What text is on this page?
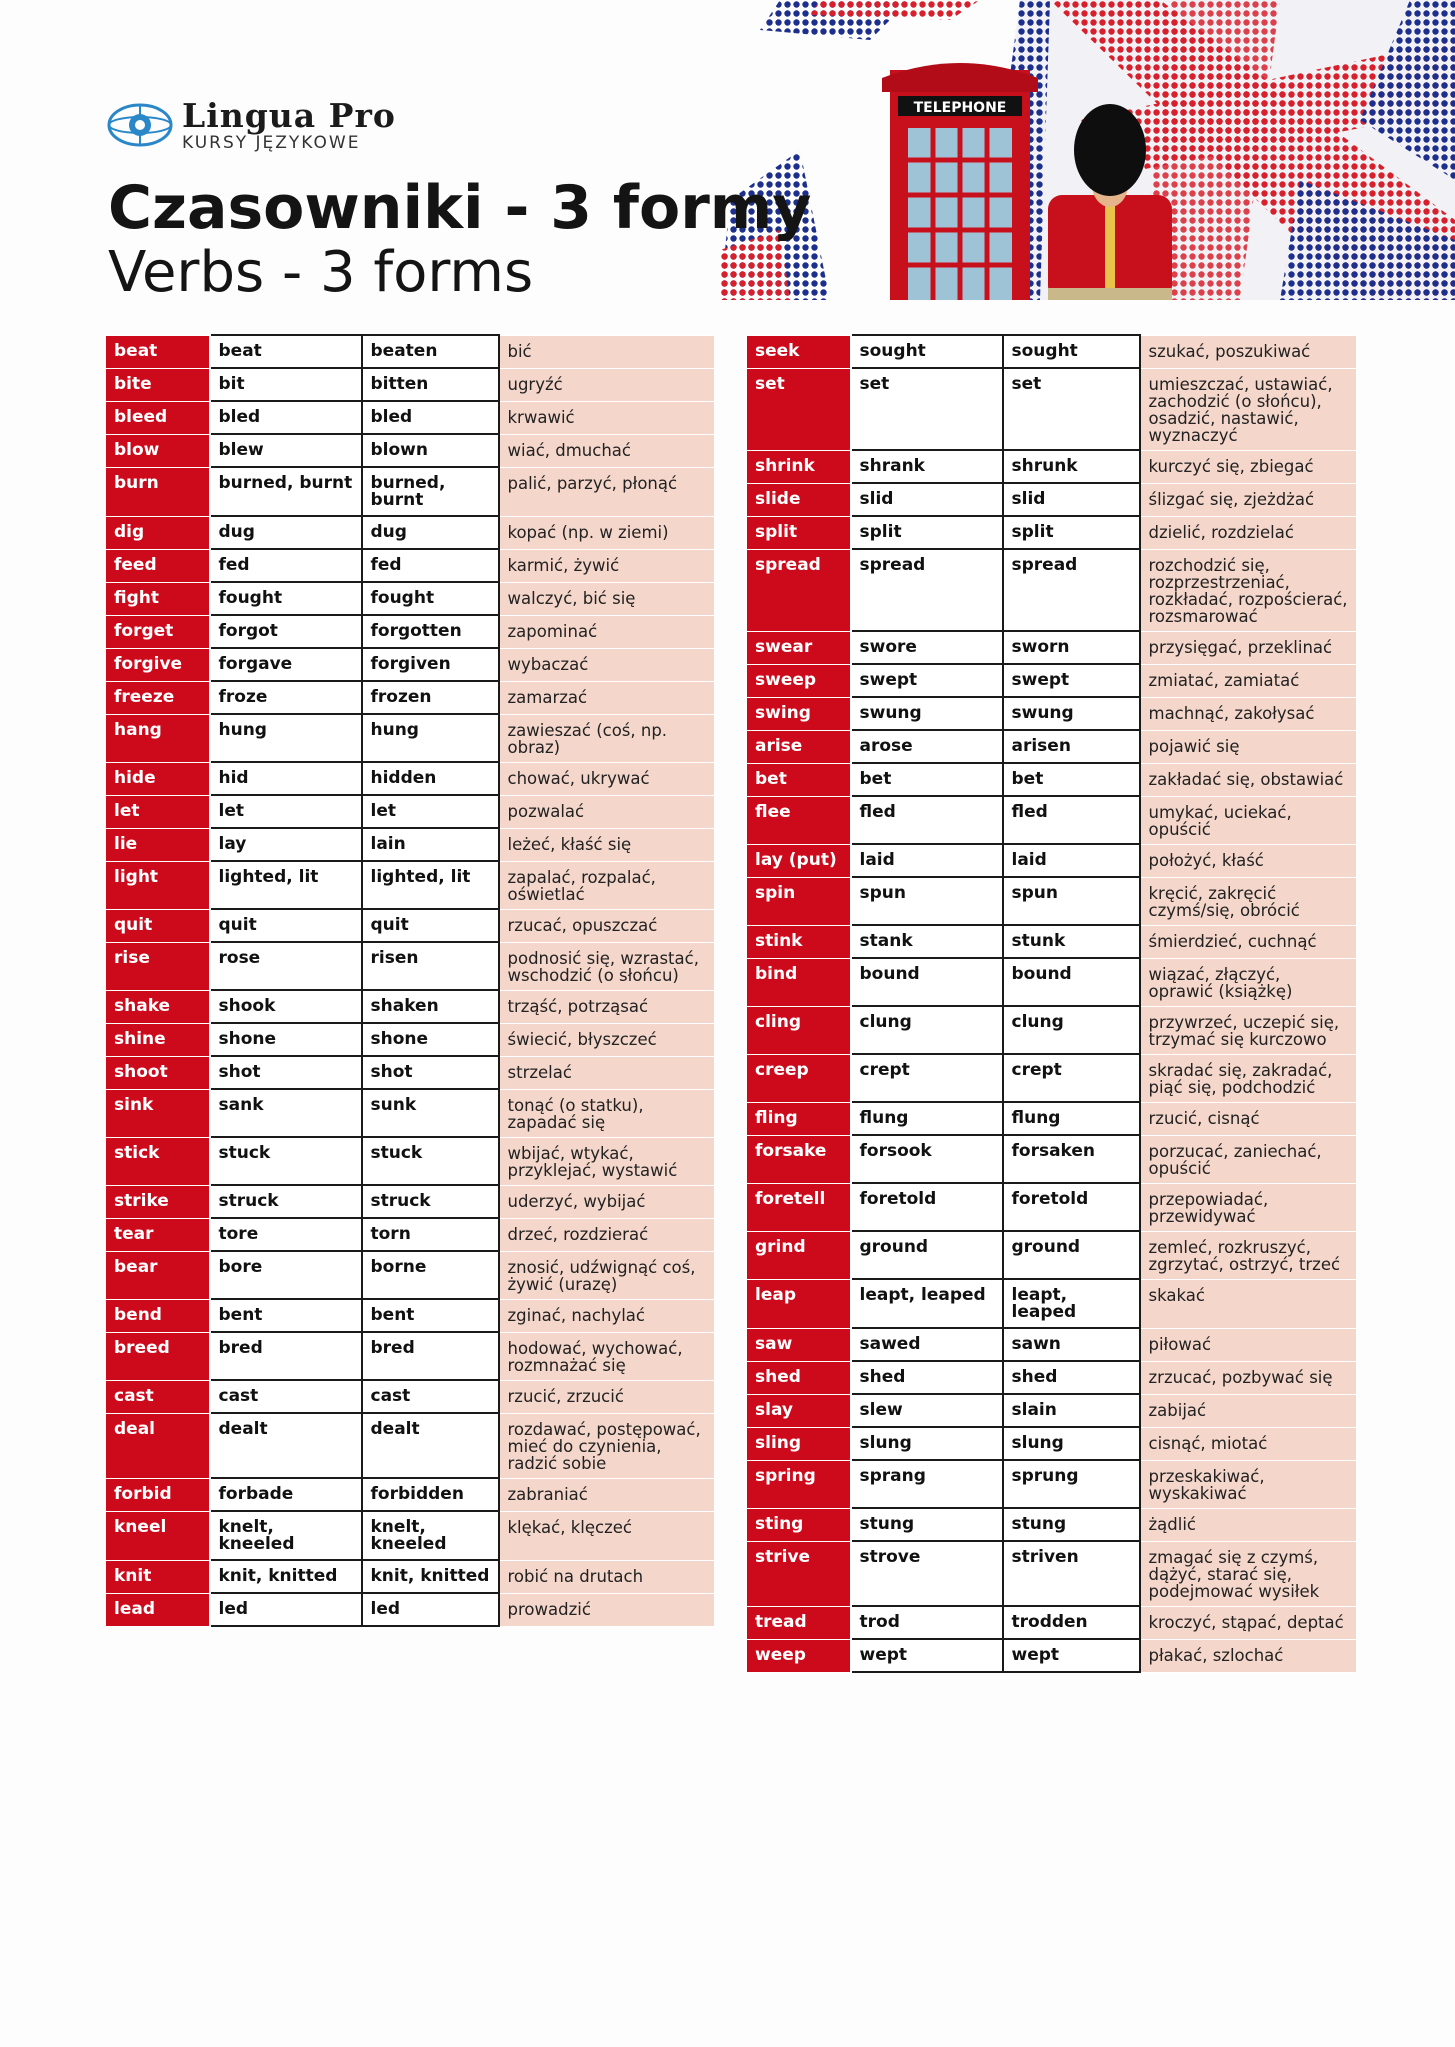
TELEPHONE
Lingua Pro
KURSY JĘZYKOWE
Czasowniki - 3 formy
Verbs - 3 forms
beat	beat	beaten	bić
bite	bit	bitten	ugryźć
bleed	bled	bled	krwawić
blow	blew	blown	wiać, dmuchać
burn	burned, burnt	burned, burnt	palić, parzyć, płonąć
dig	dug	dug	kopać (np. w ziemi)
feed	fed	fed	karmić, żywić
fight	fought	fought	walczyć, bić się
forget	forgot	forgotten	zapominać
forgive	forgave	forgiven	wybaczać
freeze	froze	frozen	zamarzać
hang	hung	hung	zawieszać (coś, np. obraz)
hide	hid	hidden	chować, ukrywać
let	let	let	pozwalać
lie	lay	lain	leżeć, kłaść się
light	lighted, lit	lighted, lit	zapalać, rozpalać, oświetlać
quit	quit	quit	rzucać, opuszczać
rise	rose	risen	podnosić się, wzrastać, wschodzić (o słońcu)
shake	shook	shaken	trząść, potrząsać
shine	shone	shone	świecić, błyszczeć
shoot	shot	shot	strzelać
sink	sank	sunk	tonąć (o statku), zapadać się
stick	stuck	stuck	wbijać, wtykać, przyklejać, wystawić
strike	struck	struck	uderzyć, wybijać
tear	tore	torn	drzeć, rozdzierać
bear	bore	borne	znosić, udźwignąć coś, żywić (urazę)
bend	bent	bent	zginać, nachylać
breed	bred	bred	hodować, wychować, rozmnażać się
cast	cast	cast	rzucić, zrzucić
deal	dealt	dealt	rozdawać, postępować, mieć do czynienia, radzić sobie
forbid	forbade	forbidden	zabraniać
kneel	knelt, kneeled	knelt, kneeled	klękać, klęczeć
knit	knit, knitted	knit, knitted	robić na drutach
lead	led	led	prowadzić
seek	sought	sought	szukać, poszukiwać
set	set	set	umieszczać, ustawiać, zachodzić (o słońcu), osadzić, nastawić, wyznaczyć
shrink	shrank	shrunk	kurczyć się, zbiegać
slide	slid	slid	ślizgać się, zjeżdżać
split	split	split	dzielić, rozdzielać
spread	spread	spread	rozchodzić się, rozprzestrzeniać, rozkładać, rozpościerać, rozsmarować
swear	swore	sworn	przysięgać, przeklinać
sweep	swept	swept	zmiatać, zamiatać
swing	swung	swung	machnąć, zakołysać
arise	arose	arisen	pojawić się
bet	bet	bet	zakładać się, obstawiać
flee	fled	fled	umykać, uciekać, opuścić
lay (put)	laid	laid	położyć, kłaść
spin	spun	spun	kręcić, zakręcić czymś/się, obrócić
stink	stank	stunk	śmierdzieć, cuchnąć
bind	bound	bound	wiązać, złączyć, oprawić (książkę)
cling	clung	clung	przywrzeć, uczepić się, trzymać się kurczowo
creep	crept	crept	skradać się, zakradać, piąć się, podchodzić
fling	flung	flung	rzucić, cisnąć
forsake	forsook	forsaken	porzucać, zaniechać, opuścić
foretell	foretold	foretold	przepowiadać, przewidywać
grind	ground	ground	zemleć, rozkruszyć, zgrzytać, ostrzyć, trzeć
leap	leapt, leaped	leapt, leaped	skakać
saw	sawed	sawn	piłować
shed	shed	shed	zrzucać, pozbywać się
slay	slew	slain	zabijać
sling	slung	slung	cisnąć, miotać
spring	sprang	sprung	przeskakiwać, wyskakiwać
sting	stung	stung	żądlić
strive	strove	striven	zmagać się z czymś, dążyć, starać się, podejmować wysiłek
tread	trod	trodden	kroczyć, stąpać, deptać
weep	wept	wept	płakać, szlochać
